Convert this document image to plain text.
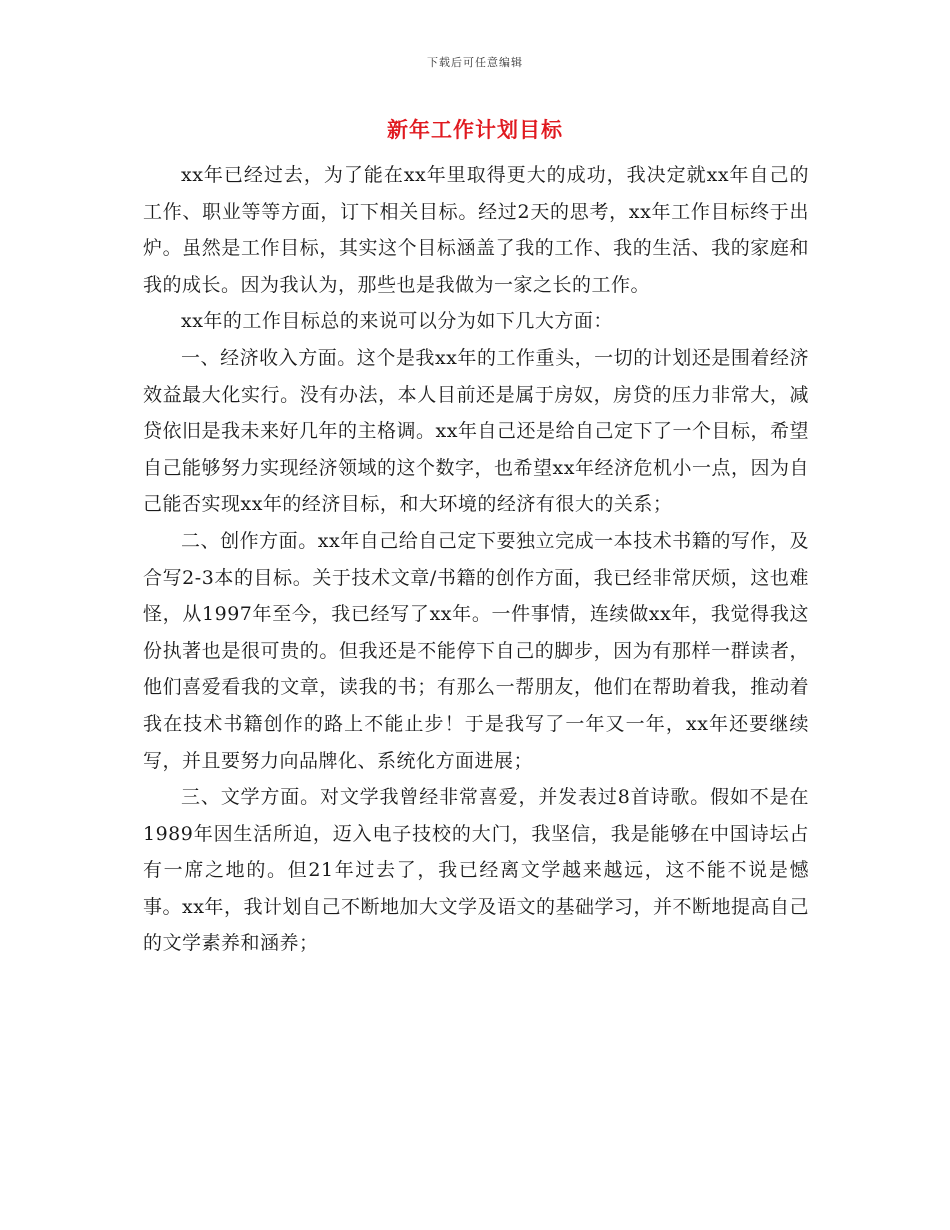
下载后可任意编辑
新年工作计划目标

xx年已经过去，为了能在xx年里取得更大的成功，我决定就xx年自己的工作、职业等等方面，订下相关目标。经过2天的思考，xx年工作目标终于出炉。虽然是工作目标，其实这个目标涵盖了我的工作、我的生活、我的家庭和我的成长。因为我认为，那些也是我做为一家之长的工作。

xx年的工作目标总的来说可以分为如下几大方面：

一、经济收入方面。这个是我xx年的工作重头，一切的计划还是围着经济效益最大化实行。没有办法，本人目前还是属于房奴，房贷的压力非常大，减贷依旧是我未来好几年的主格调。xx年自己还是给自己定下了一个目标，希望自己能够努力实现经济领域的这个数字，也希望xx年经济危机小一点，因为自己能否实现xx年的经济目标，和大环境的经济有很大的关系；

二、创作方面。xx年自己给自己定下要独立完成一本技术书籍的写作，及合写2-3本的目标。关于技术文章/书籍的创作方面，我已经非常厌烦，这也难怪，从1997年至今，我已经写了xx年。一件事情，连续做xx年，我觉得我这份执著也是很可贵的。但我还是不能停下自己的脚步，因为有那样一群读者，他们喜爱看我的文章，读我的书；有那么一帮朋友，他们在帮助着我，推动着我在技术书籍创作的路上不能止步！于是我写了一年又一年，xx年还要继续写，并且要努力向品牌化、系统化方面进展；

三、文学方面。对文学我曾经非常喜爱，并发表过8首诗歌。假如不是在1989年因生活所迫，迈入电子技校的大门，我坚信，我是能够在中国诗坛占有一席之地的。但21年过去了，我已经离文学越来越远，这不能不说是憾事。xx年，我计划自己不断地加大文学及语文的基础学习，并不断地提高自己的文学素养和涵养；
